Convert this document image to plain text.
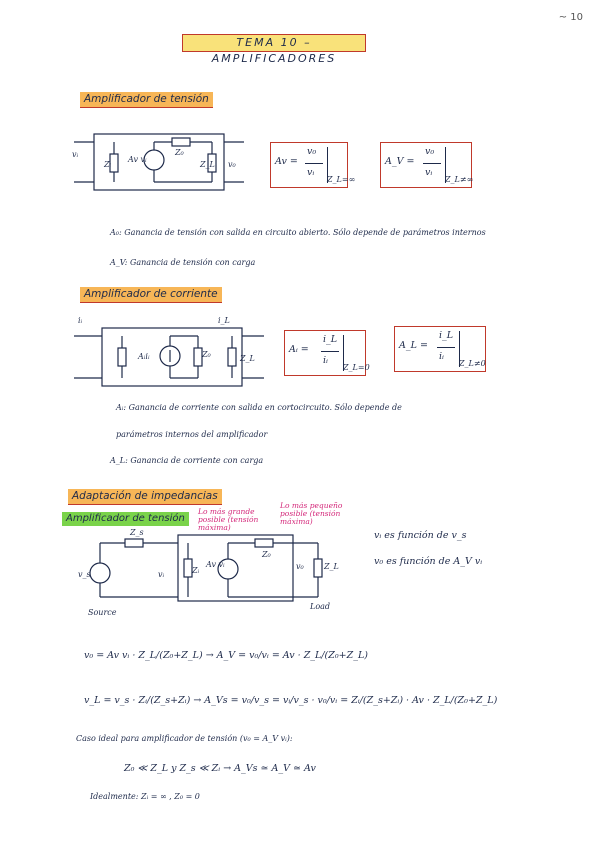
~ 10
TEMA 10 – AMPLIFICADORES
Amplificador de tensión
vᵢ
Zᵢ
Av vᵢ
Z₀
Z_L v₀	Av =
v₀
vᵢ
Z_L=∞
A_V =
v₀
vᵢ
Z_L≠∞
A₀: Ganancia de tensión con salida en circuito abierto. Sólo depende de parámetros internos
A_V: Ganancia de tensión con carga
Amplificador de corriente
iᵢ	i_L
Aᵢiᵢ	Z₀	Z_L
Aᵢ =
i_L
iᵢ
Z_L=0
A_L =
i_L
iᵢ
Z_L≠0
Aᵢ: Ganancia de corriente con salida en cortocircuito. Sólo depende de
parámetros internos del amplificador
A_L: Ganancia de corriente con carga
Adaptación de impedancias
Amplificador de tensión
Lo más grande posible (tensión máxima)
Lo más pequeño posible (tensión máxima)
v_s
Z_s
vᵢ	Zᵢ
Av vᵢ
Z₀
v₀	Z_L
Source
Load
vᵢ es función de v_s
v₀ es función de A_V vᵢ
v₀ = Av vᵢ · Z_L/(Z₀+Z_L) → A_V = v₀/vᵢ = Av · Z_L/(Z₀+Z_L)
v_L = v_s · Zᵢ/(Z_s+Zᵢ) → A_Vs = v₀/v_s = vᵢ/v_s · v₀/vᵢ = Zᵢ/(Z_s+Zᵢ) · Av · Z_L/(Z₀+Z_L)
Caso ideal para amplificador de tensión (v₀ = A_V vᵢ):
Z₀ ≪ Z_L y Z_s ≪ Zᵢ → A_Vs ≃ A_V ≃ Av
Idealmente: Zᵢ = ∞ , Z₀ = 0
